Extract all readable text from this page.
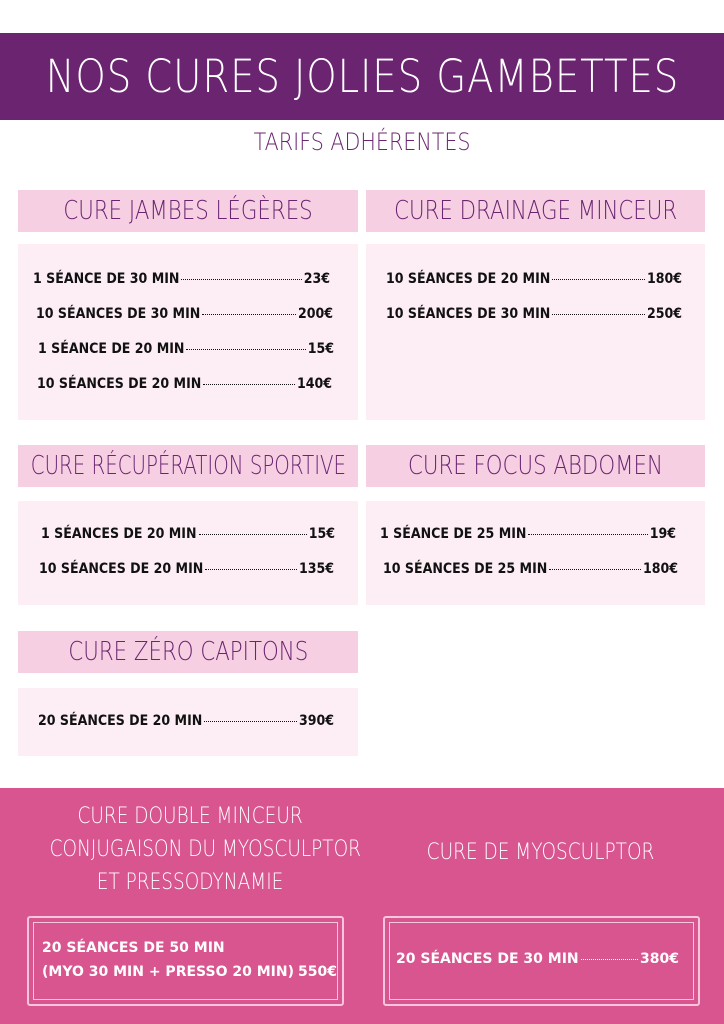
NOS CURES JOLIES GAMBETTES
TARIFS ADHÉRENTES
CURE JAMBES LÉGÈRES
1 SÉANCE DE 30 MIN	23€
10 SÉANCES DE 30 MIN	200€
1 SÉANCE DE 20 MIN	15€
10 SÉANCES DE 20 MIN	140€
CURE DRAINAGE MINCEUR
10 SÉANCES DE 20 MIN	180€
10 SÉANCES DE 30 MIN	250€
CURE RÉCUPÉRATION SPORTIVE
1 SÉANCES DE 20 MIN	15€
10 SÉANCES DE 20 MIN	135€
CURE FOCUS ABDOMEN
1 SÉANCE DE 25 MIN	19€
10 SÉANCES DE 25 MIN	180€
CURE ZÉRO CAPITONS
20 SÉANCES DE 20 MIN	390€
CURE DOUBLE MINCEUR
CONJUGAISON DU MYOSCULPTOR
ET PRESSODYNAMIE
20 SÉANCES DE 50 MIN
(MYO 30 MIN + PRESSO 20 MIN) 550€
CURE DE MYOSCULPTOR
20 SÉANCES DE 30 MIN	380€
